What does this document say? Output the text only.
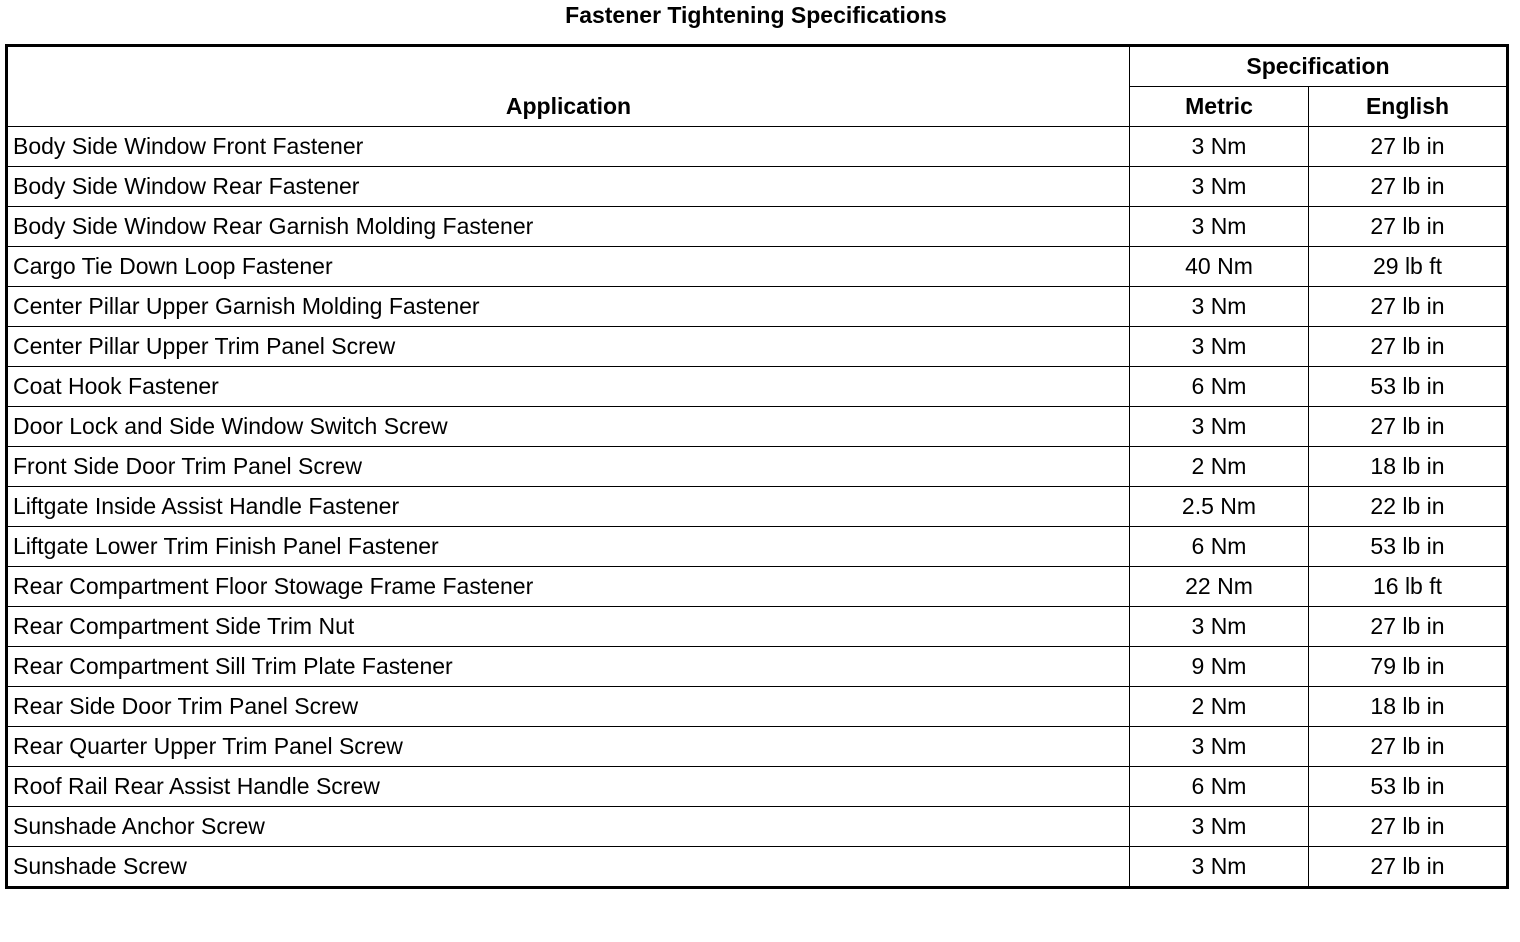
Fastener Tightening Specifications
Application	Specification	
	Metric	English
Body Side Window Front Fastener	3 Nm	27 lb in
Body Side Window Rear Fastener	3 Nm	27 lb in
Body Side Window Rear Garnish Molding Fastener	3 Nm	27 lb in
Cargo Tie Down Loop Fastener	40 Nm	29 lb ft
Center Pillar Upper Garnish Molding Fastener	3 Nm	27 lb in
Center Pillar Upper Trim Panel Screw	3 Nm	27 lb in
Coat Hook Fastener	6 Nm	53 lb in
Door Lock and Side Window Switch Screw	3 Nm	27 lb in
Front Side Door Trim Panel Screw	2 Nm	18 lb in
Liftgate Inside Assist Handle Fastener	2.5 Nm	22 lb in
Liftgate Lower Trim Finish Panel Fastener	6 Nm	53 lb in
Rear Compartment Floor Stowage Frame Fastener	22 Nm	16 lb ft
Rear Compartment Side Trim Nut	3 Nm	27 lb in
Rear Compartment Sill Trim Plate Fastener	9 Nm	79 lb in
Rear Side Door Trim Panel Screw	2 Nm	18 lb in
Rear Quarter Upper Trim Panel Screw	3 Nm	27 lb in
Roof Rail Rear Assist Handle Screw	6 Nm	53 lb in
Sunshade Anchor Screw	3 Nm	27 lb in
Sunshade Screw	3 Nm	27 lb in
